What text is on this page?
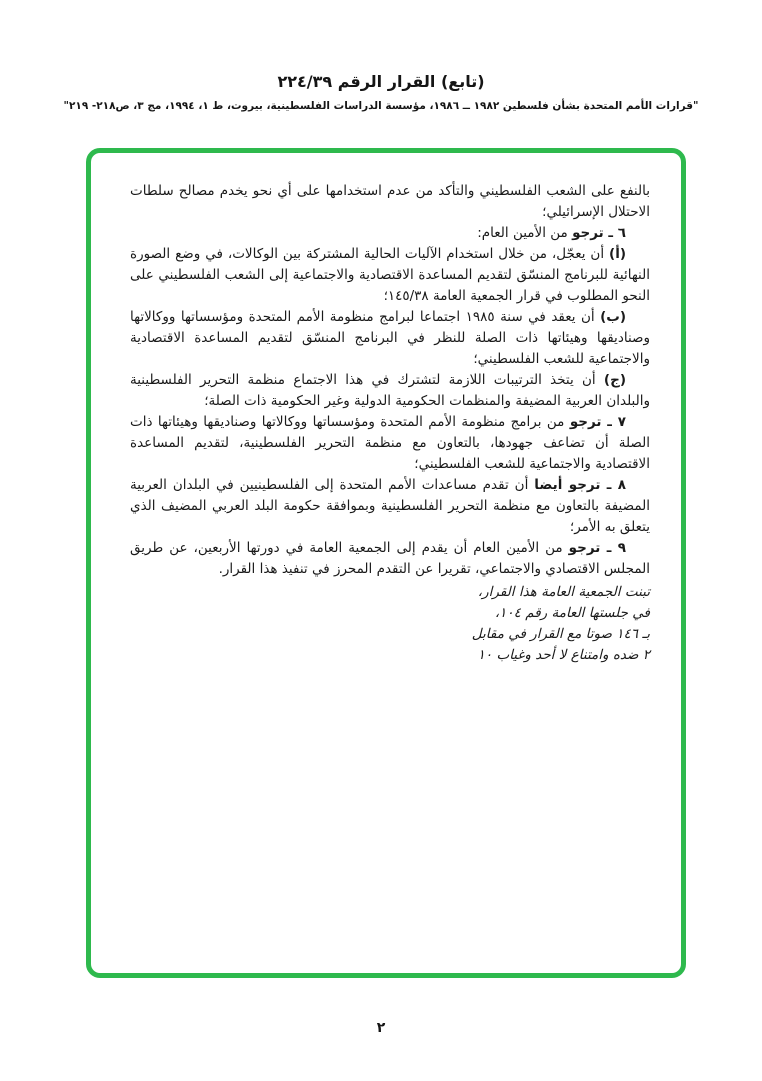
(تابع) القرار الرقم ٢٢٤/٣٩
"قرارات الأمم المتحدة بشأن فلسطين ١٩٨٢ ــ ١٩٨٦، مؤسسة الدراسات الفلسطينية، بيروت، ط ١، ١٩٩٤، مج ٣، ص٢١٨- ٢١٩"

بالنفع على الشعب الفلسطيني والتأكد من عدم استخدامها على أي نحو يخدم مصالح سلطات الاحتلال الإسرائيلي؛

٦ ـ ترجو من الأمين العام:

(أ) أن يعجّل، من خلال استخدام الآليات الحالية المشتركة بين الوكالات، في وضع الصورة النهائية للبرنامج المنسّق لتقديم المساعدة الاقتصادية والاجتماعية إلى الشعب الفلسطيني على النحو المطلوب في قرار الجمعية العامة ١٤٥/٣٨؛

(ب) أن يعقد في سنة ١٩٨٥ اجتماعا لبرامج منظومة الأمم المتحدة ومؤسساتها ووكالاتها وصناديقها وهيئاتها ذات الصلة للنظر في البرنامج المنسّق لتقديم المساعدة الاقتصادية والاجتماعية للشعب الفلسطيني؛

(ج) أن يتخذ الترتيبات اللازمة لتشترك في هذا الاجتماع منظمة التحرير الفلسطينية والبلدان العربية المضيفة والمنظمات الحكومية الدولية وغير الحكومية ذات الصلة؛

٧ ـ ترجو من برامج منظومة الأمم المتحدة ومؤسساتها ووكالاتها وصناديقها وهيئاتها ذات الصلة أن تضاعف جهودها، بالتعاون مع منظمة التحرير الفلسطينية، لتقديم المساعدة الاقتصادية والاجتماعية للشعب الفلسطيني؛

٨ ـ ترجو أيضا أن تقدم مساعدات الأمم المتحدة إلى الفلسطينيين في البلدان العربية المضيفة بالتعاون مع منظمة التحرير الفلسطينية وبموافقة حكومة البلد العربي المضيف الذي يتعلق به الأمر؛

٩ ـ ترجو من الأمين العام أن يقدم إلى الجمعية العامة في دورتها الأربعين، عن طريق المجلس الاقتصادي والاجتماعي، تقريرا عن التقدم المحرز في تنفيذ هذا القرار.

تبنت الجمعية العامة هذا القرار،
في جلستها العامة رقم ١٠٤،
بـ ١٤٦ صوتا مع القرار في مقابل
٢ ضده وامتناع لا أحد وغياب ١٠
٢
